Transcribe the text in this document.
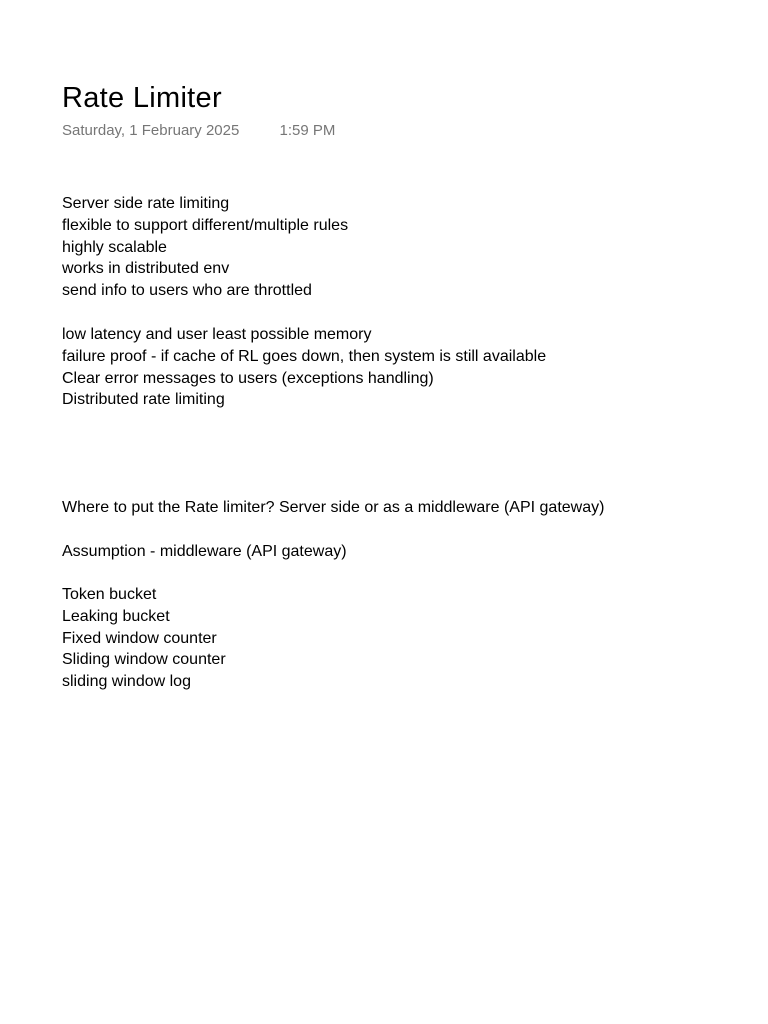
Rate Limiter
Saturday, 1 February 2025	1:59 PM
Server side rate limiting
flexible to support different/multiple rules
highly scalable
works in distributed env
send info to users who are throttled
low latency and user least possible memory
failure proof - if cache of RL goes down, then system is still available
Clear error messages to users (exceptions handling)
Distributed rate limiting
Where to put the Rate limiter? Server side or as a middleware (API gateway)
Assumption - middleware (API gateway)
Token bucket
Leaking bucket
Fixed window counter
Sliding window counter
sliding window log
